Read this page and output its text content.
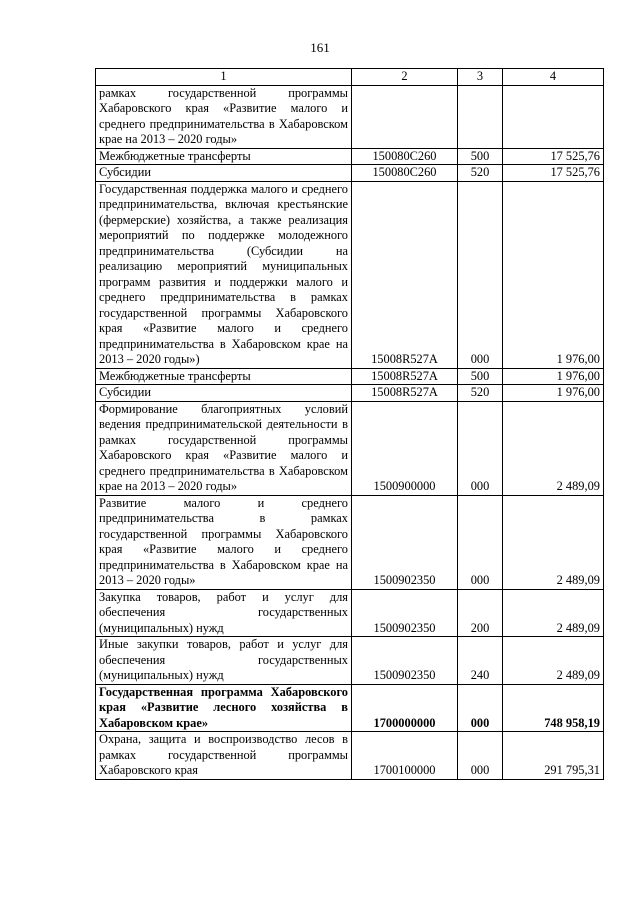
161
1	2	3	4
рамках государственной программы Хабаровского края «Развитие малого и среднего предпринимательства в Хабаровском крае на 2013 – 2020 годы»			
Межбюджетные трансферты	150080С260	500	17 525,76
Субсидии	150080С260	520	17 525,76
Государственная поддержка малого и среднего предпринимательства, включая крестьянские (фермерские) хозяйства, а также реализация мероприятий по поддержке молодежного предпринимательства (Субсидии на реализацию мероприятий муниципальных программ развития и поддержки малого и среднего предпринимательства в рамках государственной программы Хабаровского края «Развитие малого и среднего предпринимательства в Хабаровском крае на 2013 – 2020 годы»)	15008R527А	000	1 976,00
Межбюджетные трансферты	15008R527А	500	1 976,00
Субсидии	15008R527А	520	1 976,00
Формирование благоприятных условий ведения предпринимательской деятельности в рамках государственной программы Хабаровского края «Развитие малого и среднего предпринимательства в Хабаровском крае на 2013 – 2020 годы»	1500900000	000	2 489,09
Развитие малого и среднего предпринимательства в рамках государственной программы Хабаровского края «Развитие малого и среднего предпринимательства в Хабаровском крае на 2013 – 2020 годы»	1500902350	000	2 489,09
Закупка товаров, работ и услуг для обеспечения государственных (муниципальных) нужд	1500902350	200	2 489,09
Иные закупки товаров, работ и услуг для обеспечения государственных (муниципальных) нужд	1500902350	240	2 489,09
Государственная программа Хабаровского края «Развитие лесного хозяйства в Хабаровском крае»	1700000000	000	748 958,19
Охрана, защита и воспроизводство лесов в рамках государственной программы Хабаровского края	1700100000	000	291 795,31
